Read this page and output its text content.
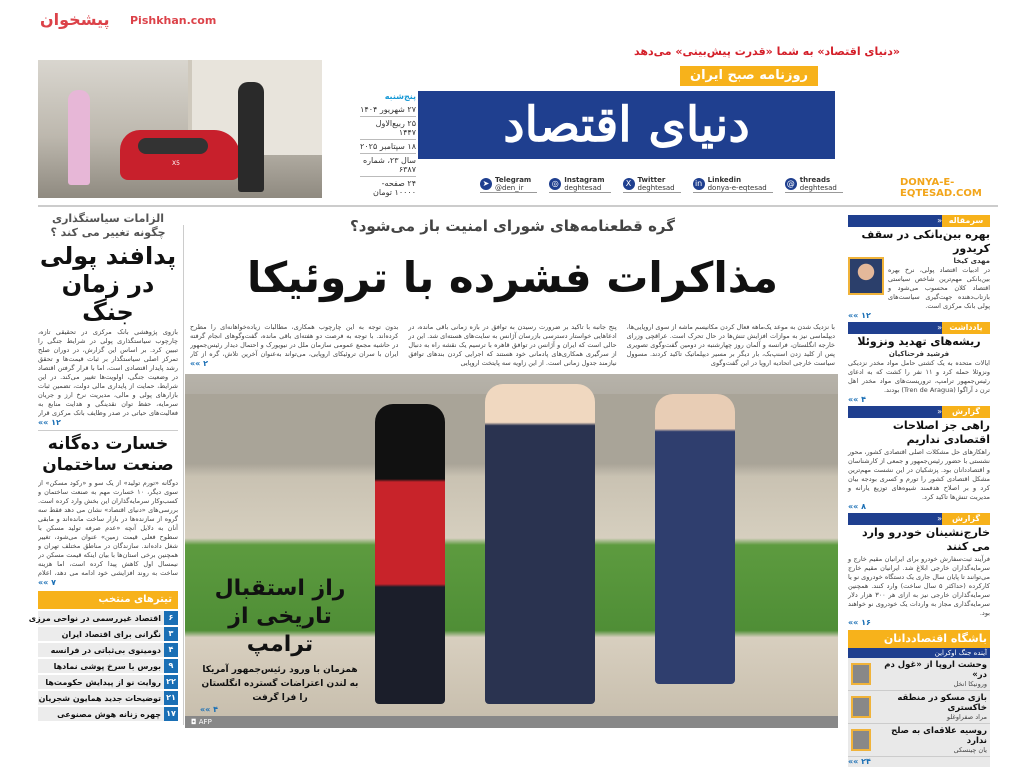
X5
«دنیای اقتصاد» به شما «قدرت پیش‌بینی» می‌دهد
دنیای اقتصاد
روزنامه صبح ایران
پنج‌شنبه
۲۷ شهریور ۱۴۰۴
۲۵ ربیع‌الاول ۱۴۴۷
۱۸ سپتامبر ۲۰۲۵
سال ۲۳، شماره ۶۳۸۷
۲۴ صفحه- ۱۰۰۰۰ تومان
➤ Telegram
@den_ir	◎ Instagram
deghtesad	X Twitter
deghtesad	in Linkedin
donya-e-eqtesad	@ threads
deghtesad	DONYA-E-EQTESAD.COM
الزامات سیاستگذاری چگونه تغییر می کند ؟
پدافند پولی در زمان جنگ
بازوی پژوهشی بانک مرکزی در تحقیقی تازه، چارچوب سیاستگذاری پولی در شرایط جنگی را تبیین کرد. بر اساس این گزارش، در دوران صلح تمرکز اصلی سیاستگذار بر ثبات قیمت‌ها و تحقق رشد پایدار اقتصادی است، اما با قرار گرفتن اقتصاد در وضعیت جنگی، اولویت‌ها تغییر می‌کند. در این شرایط، حمایت از پایداری مالی دولت، تضمین ثبات بازارهای پولی و مالی، مدیریت نرخ ارز و جریان سرمایه، حفظ توان نقدینگی و هدایت منابع به فعالیت‌های حیاتی در صدر وظایف بانک مرکزی قرار
«« ۱۲
خسارت ده‌گانه صنعت ساختمان
دوگانه «تورم تولید» از یک سو و «رکود مسکن» از سوی دیگر، ۱۰ خسارت مهم به صنعت ساختمان و کسب‌وکار سرمایه‌گذاران این بخش وارد کرده است. بررسی‌های «دنیای اقتصاد» نشان می دهد فقط سه گروه از سازنده‌ها در بازار ساخت مانده‌اند و مابقی آنان به دلایل آنچه «عدم صرفه تولید مسکن با سطوح فعلی قیمت زمین» عنوان می‌شود، تغییر شغل داده‌اند. سازندگان در مناطق مختلف تهران و همچنین برخی استان‌ها با بیان اینکه قیمت مسکن در نیمسال اول کاهش پیدا کرده است، اما هزینه ساخت به روند افزایشی خود ادامه می دهد، اعلام
«« ۷
تیترهای منتخب
۶
اقتصاد غیررسمی در نواحی مرزی
۳
نگرانی برای اقتصاد ایران
۴
دومینوی بی‌ثباتی در فرانسه
۹
بورس با سرخ پوشی نمادها
۲۲
روایت نو از پیدایش حکومت‌ها
۲۱
توضیحات جدید همایون شجریان
۱۷
چهره زنانه هوش مصنوعی
گره قطعنامه‌های شورای امنیت باز می‌شود؟
مذاکرات فشرده با تروئیکا
با نزدیک شدن به موعد یک‌ماهه فعال کردن مکانیسم ماشه از سوی اروپایی‌ها، دیپلماسی نیز به موازات افزایش تنش‌ها در حال تحرک است. عراقچی وزرای خارجه انگلستان، فرانسه و آلمان روز چهارشنبه در دومین گفت‌وگوی تصویری پس از کلید زدن اسنپ‌بک، بار دیگر بر مسیر دیپلماتیک تاکید کردند. مسوول سیاست خارجی اتحادیه اروپا در این گفت‌وگوی
پنج جانبه با تاکید بر ضرورت رسیدن به توافق در بازه زمانی باقی مانده، در ادعاهایی خواستار دسترسی بازرسان آژانس به سایت‌های هسته‌ای شد. این در حالی است که ایران و آژانس در توافق قاهره با ترسیم یک نقشه راه به دنبال از سرگیری همکاری‌های پادمانی خود هستند که اجرایی کردن بندهای توافق نیازمند جدول زمانی است. از این زاویه سه پایتخت اروپایی
بدون توجه به این چارچوب همکاری، مطالبات زیاده‌خواهانه‌ای را مطرح کرده‌اند. با توجه به فرصت دو هفته‌ای باقی مانده، گفت‌وگوهای انجام گرفته در حاشیه مجمع عمومی سازمان ملل در نیویورک و احتمال دیدار رئیس‌جمهور ایران با سران تروئیکای اروپایی، می‌تواند به‌عنوان آخرین تلاش، گره از کار
«« ۲
راز استقبال تاریخی از ترامپ
همزمان با ورود رئیس‌جمهور آمریکا به لندن اعتراضات گسترده انگلستان را فرا گرفت
«« ۴
◘ AFP
سرمقاله
«
بهره بین‌بانکی در سقف کریدور
مهدی کیخا
در ادبیات اقتصاد پولی، نرخ بهره بین‌بانکی مهم‌ترین شاخص سیاستی اقتصاد کلان محسوب می‌شود و بازتاب‌دهنده جهت‌گیری سیاست‌های پولی بانک مرکزی است.
«« ۱۲
یادداشت
«
ریشه‌های تهدید ونزوئلا
فرشید فرحناکیان
ایالات متحده به یک کشتی حامل مواد مخدر نزدیکی ونزوئلا حمله کرد و ۱۱ نفر را کشت که به ادعای رئیس‌جمهور ترامپ، تروریست‌های مواد مخدر اهل ترن د آراگوا (Tren de Aragua) بودند.
«« ۴
گزارش
«
راهی جز اصلاحات اقتصادی نداریم
راهکارهای حل مشکلات اصلی اقتصادی کشور، محور نشستی با حضور رئیس‌جمهور و جمعی از کارشناسان و اقتصاددانان بود. پزشکیان در این نشست مهم‌ترین مشکل اقتصادی کشور را تورم و کسری بودجه بیان کرد و بر اصلاح هدفمند شیوه‌های توزیع یارانه و مدیریت تنش‌ها تاکید کرد.
«« ۸
گزارش
«
خارج‌نشینان خودرو وارد می کنند
فرآیند ثبت‌سفارش خودرو برای ایرانیان مقیم خارج و سرمایه‌گذاران خارجی ابلاغ شد. ایرانیان مقیم خارج می‌توانند تا پایان سال جاری یک دستگاه خودروی نو یا کارکرده (حداکثر ۵ سال ساخت) وارد کنند. همچنین سرمایه‌گذاران خارجی نیز به ازای هر ۳۰۰ هزار دلار سرمایه‌گذاری مجاز به واردات یک خودروی نو خواهند بود.
«« ۱۶
باشگاه اقتصاددانان
آینده جنگ اوکراین
وحشت اروپا از «غول دم در»
ورونیکا انخل
بازی مسکو در منطقه خاکستری
مراد صفراوغلو
روسیه علاقه‌ای به صلح ندارد
یان چینسکی
«« ۲۴
پیشخوان Pishkhan.com
